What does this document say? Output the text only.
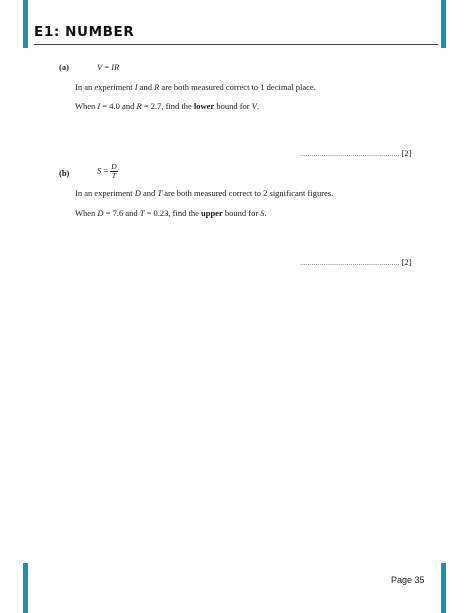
E1: NUMBER
(a)	V = IR
In an experiment I and R are both measured correct to 1 decimal place.
When I = 4.0 and R = 2.7, find the lower bound for V.
................................................... [2]
(b)	$S = \frac{D}{T}$
In an experiment D and T are both measured correct to 2 significant figures.
When D = 7.6 and T = 0.23, find the upper bound for S.
................................................... [2]
Page 35
